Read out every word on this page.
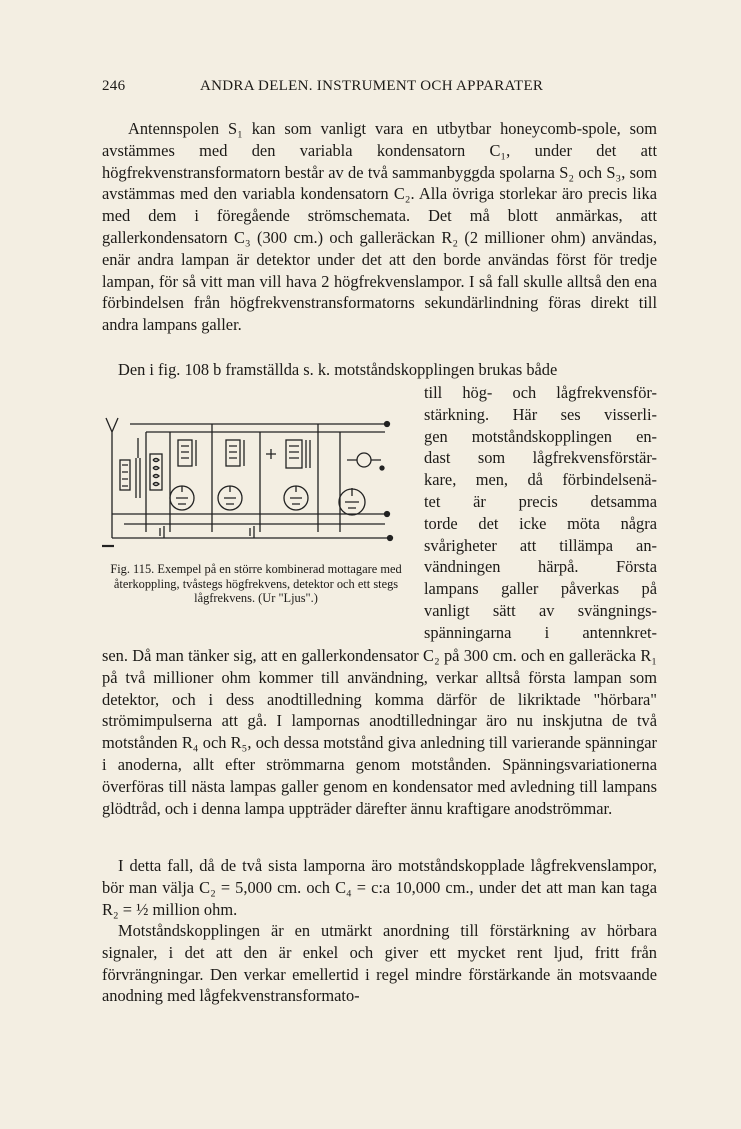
246	ANDRA DELEN. INSTRUMENT OCH APPARATER
Antennspolen S₁ kan som vanligt vara en utbytbar honeycomb-spole, som avstämmes med den variabla kondensatorn C₁, under det att högfrekvenstransformatorn består av de två sammanbyggda spolarna S₂ och S₃, som avstämmas med den variabla kondensatorn C₂. Alla övriga storlekar äro precis lika med dem i föregående strömschemata. Det må blott anmärkas, att gallerkondensatorn C₃ (300 cm.) och galleräckan R₂ (2 millioner ohm) användas, enär andra lampan är detektor under det att den borde användas först för tredje lampan, för så vitt man vill hava 2 högfrekvenslampor. I så fall skulle alltså den ena förbindelsen från högfrekvenstransformatorns sekundärlindning föras direkt till andra lampans galler.
Den i fig. 108 b framställda s. k. motståndskopplingen brukas både
till hög- och lågfrekvensför-
stärkning. Här ses visserli-
gen motståndskopplingen en-
dast som lågfrekvensförstär-
kare, men, då förbindelsenä-
tet är precis detsamma
torde det icke möta några
svårigheter att tillämpa an-
vändningen härpå. Första
lampans galler påverkas på
vanligt sätt av svängnings-
spänningarna i antennkret-
Fig. 115. Exempel på en större kombinerad mottagare med återkoppling, tvåstegs högfrekvens, detektor och ett stegs lågfrekvens. (Ur "Ljus".)
sen. Då man tänker sig, att en gallerkondensator C₂ på 300 cm. och en galleräcka R₁ på två millioner ohm kommer till användning, verkar alltså första lampan som detektor, och i dess anodtilledning komma därför de likriktade "hörbara" strömimpulserna att gå. I lampornas anodtilledningar äro nu inskjutna de två motstånden R₄ och R₅, och dessa motstånd giva anledning till varierande spänningar i anoderna, allt efter strömmarna genom motstånden. Spänningsvariationerna överföras till nästa lampas galler genom en kondensator med avledning till lampans glödtråd, och i denna lampa uppträder därefter ännu kraftigare anodströmmar.
I detta fall, då de två sista lamporna äro motståndskopplade lågfrekvenslampor, bör man välja C₂ = 5,000 cm. och C₄ = c:a 10,000 cm., under det att man kan taga R₂ = ½ million ohm.
Motståndskopplingen är en utmärkt anordning till förstärkning av hörbara signaler, i det att den är enkel och giver ett mycket rent ljud, fritt från förvrängningar. Den verkar emellertid i regel mindre förstärkande än motsvaande anodning med lågfekvenstransformato-
